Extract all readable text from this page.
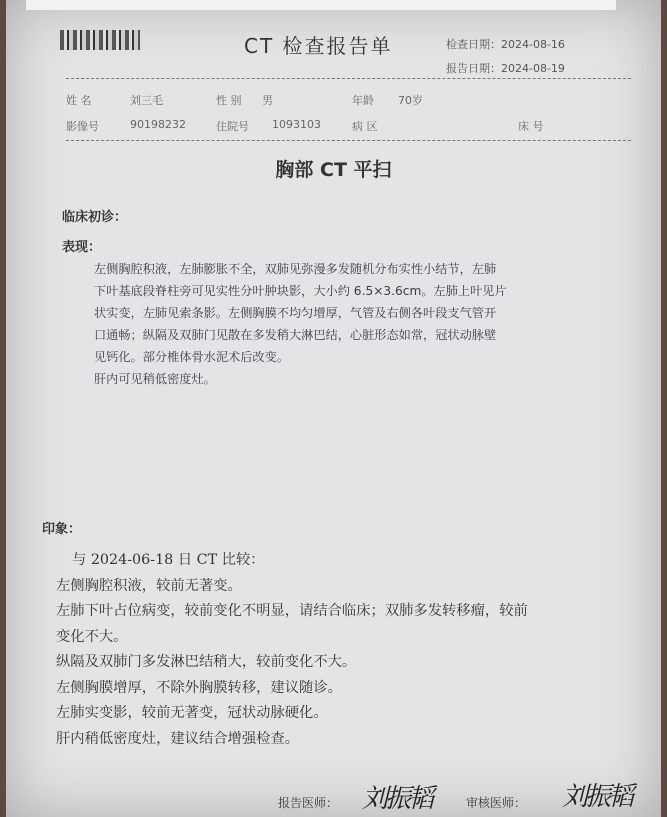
CT 检查报告单	检查日期：2024-08-16
报告日期：2024-08-19
姓 名	刘三毛	性 别 男	年龄 70岁
影像号	90198232	住院号 1093103	病 区	床 号
胸部 CT 平扫
临床初诊：
表现：

左侧胸腔积液，左肺膨胀不全，双肺见弥漫多发随机分布实性小结节，左肺

下叶基底段脊柱旁可见实性分叶肿块影，大小约 6.5×3.6cm。左肺上叶见片

状实变，左肺见索条影。左侧胸膜不均匀增厚，气管及右侧各叶段支气管开

口通畅；纵隔及双肺门见散在多发稍大淋巴结，心脏形态如常，冠状动脉壁

见钙化。部分椎体骨水泥术后改变。

肝内可见稍低密度灶。

印象：

与 2024-06-18 日 CT 比较：

左侧胸腔积液，较前无著变。

左肺下叶占位病变，较前变化不明显，请结合临床；双肺多发转移瘤，较前

变化不大。

纵隔及双肺门多发淋巴结稍大，较前变化不大。

左侧胸膜增厚，不除外胸膜转移，建议随诊。

左肺实变影，较前无著变，冠状动脉硬化。

肝内稍低密度灶，建议结合增强检查。

报告医师： 刘振韬	审核医师： 刘振韬
